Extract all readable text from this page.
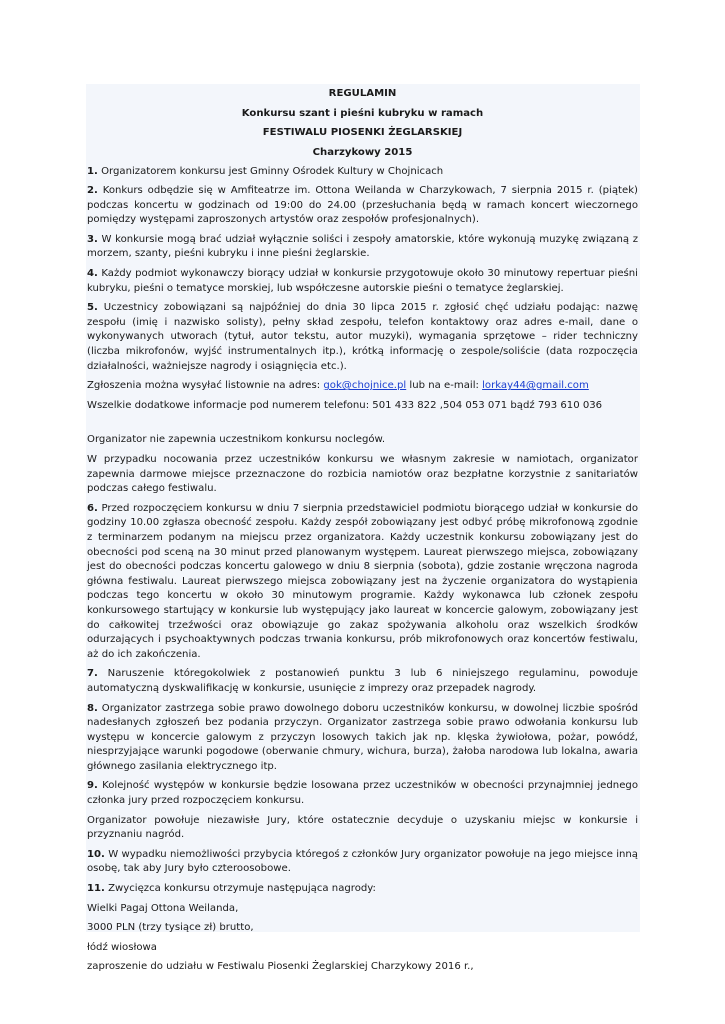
REGULAMIN
Konkursu szant i pieśni kubryku w ramach
FESTIWALU PIOSENKI ŻEGLARSKIEJ
Charzykowy 2015

1. Organizatorem konkursu jest Gminny Ośrodek Kultury w Chojnicach

2. Konkurs odbędzie się w Amfiteatrze im. Ottona Weilanda w Charzykowach, 7 sierpnia 2015 r. (piątek) podczas koncertu w godzinach od 19:00 do 24.00 (przesłuchania będą w ramach koncert wieczornego pomiędzy występami zaproszonych artystów oraz zespołów profesjonalnych).

3. W konkursie mogą brać udział wyłącznie soliści i zespoły amatorskie, które wykonują muzykę związaną z morzem, szanty, pieśni kubryku i inne pieśni żeglarskie.

4. Każdy podmiot wykonawczy biorący udział w konkursie przygotowuje około 30 minutowy repertuar pieśni kubryku, pieśni o tematyce morskiej, lub współczesne autorskie pieśni o tematyce żeglarskiej.

5. Uczestnicy zobowiązani są najpóźniej do dnia 30 lipca 2015 r. zgłosić chęć udziału podając: nazwę zespołu (imię i nazwisko solisty), pełny skład zespołu, telefon kontaktowy oraz adres e-mail, dane o wykonywanych utworach (tytuł, autor tekstu, autor muzyki), wymagania sprzętowe – rider techniczny (liczba mikrofonów, wyjść instrumentalnych itp.), krótką informację o zespole/soliście (data rozpoczęcia działalności, ważniejsze nagrody i osiągnięcia etc.).

Zgłoszenia można wysyłać listownie na adres: gok@chojnice.pl lub na e-mail: lorkay44@gmail.com

Wszelkie dodatkowe informacje pod numerem telefonu: 501 433 822 ,504 053 071 bądź 793 610 036

Organizator nie zapewnia uczestnikom konkursu noclegów.

W przypadku nocowania przez uczestników konkursu we własnym zakresie w namiotach, organizator zapewnia darmowe miejsce przeznaczone do rozbicia namiotów oraz bezpłatne korzystnie z sanitariatów podczas całego festiwalu.

6. Przed rozpoczęciem konkursu w dniu 7 sierpnia przedstawiciel podmiotu biorącego udział w konkursie do godziny 10.00 zgłasza obecność zespołu. Każdy zespół zobowiązany jest odbyć próbę mikrofonową zgodnie z terminarzem podanym na miejscu przez organizatora. Każdy uczestnik konkursu zobowiązany jest do obecności pod sceną na 30 minut przed planowanym występem. Laureat pierwszego miejsca, zobowiązany jest do obecności podczas koncertu galowego w dniu 8 sierpnia (sobota), gdzie zostanie wręczona nagroda główna festiwalu. Laureat pierwszego miejsca zobowiązany jest na życzenie organizatora do wystąpienia podczas tego koncertu w około 30 minutowym programie. Każdy wykonawca lub członek zespołu konkursowego startujący w konkursie lub występujący jako laureat w koncercie galowym, zobowiązany jest do całkowitej trzeźwości oraz obowiązuje go zakaz spożywania alkoholu oraz wszelkich środków odurzających i psychoaktywnych podczas trwania konkursu, prób mikrofonowych oraz koncertów festiwalu, aż do ich zakończenia.

7. Naruszenie któregokolwiek z postanowień punktu 3 lub 6 niniejszego regulaminu, powoduje automatyczną dyskwalifikację w konkursie, usunięcie z imprezy oraz przepadek nagrody.

8. Organizator zastrzega sobie prawo dowolnego doboru uczestników konkursu, w dowolnej liczbie spośród nadesłanych zgłoszeń bez podania przyczyn. Organizator zastrzega sobie prawo odwołania konkursu lub występu w koncercie galowym z przyczyn losowych takich jak np. klęska żywiołowa, pożar, powódź, niesprzyjające warunki pogodowe (oberwanie chmury, wichura, burza), żałoba narodowa lub lokalna, awaria głównego zasilania elektrycznego itp.

9. Kolejność występów w konkursie będzie losowana przez uczestników w obecności przynajmniej jednego członka jury przed rozpoczęciem konkursu.

Organizator powołuje niezawisłe Jury, które ostatecznie decyduje o uzyskaniu miejsc w konkursie i przyznaniu nagród.

10. W wypadku niemożliwości przybycia któregoś z członków Jury organizator powołuje na jego miejsce inną osobę, tak aby Jury było czteroosobowe.

11. Zwycięzca konkursu otrzymuje następująca nagrody:

Wielki Pagaj Ottona Weilanda,

3000 PLN (trzy tysiące zł) brutto,

łódź wiosłowa

zaproszenie do udziału w Festiwalu Piosenki Żeglarskiej Charzykowy 2016 r.,
